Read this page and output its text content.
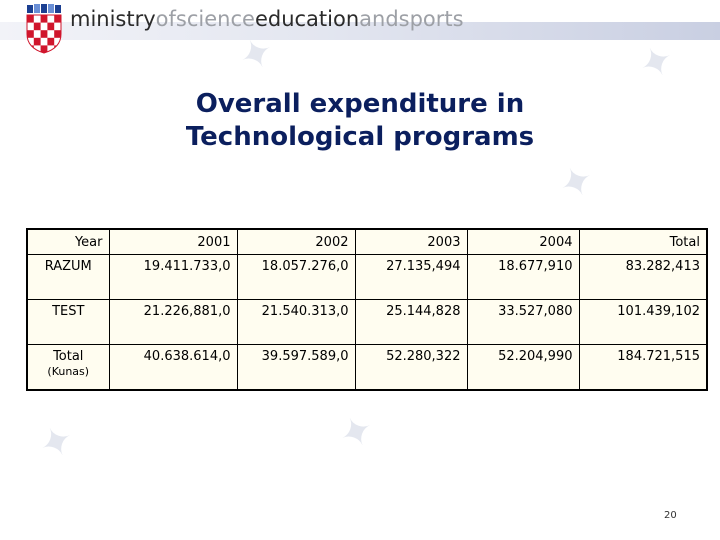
ministryofscienceeducationandsports
✦	✦
✦
✦
✦
Overall expenditure in
Technological programs
Year	2001	2002	2003	2004	Total
RAZUM	19.411.733,0	18.057.276,0	27.135,494	18.677,910	83.282,413
TEST	21.226,881,0	21.540.313,0	25.144,828	33.527,080	101.439,102
Total
(Kunas)	40.638.614,0	39.597.589,0	52.280,322	52.204,990	184.721,515
20
